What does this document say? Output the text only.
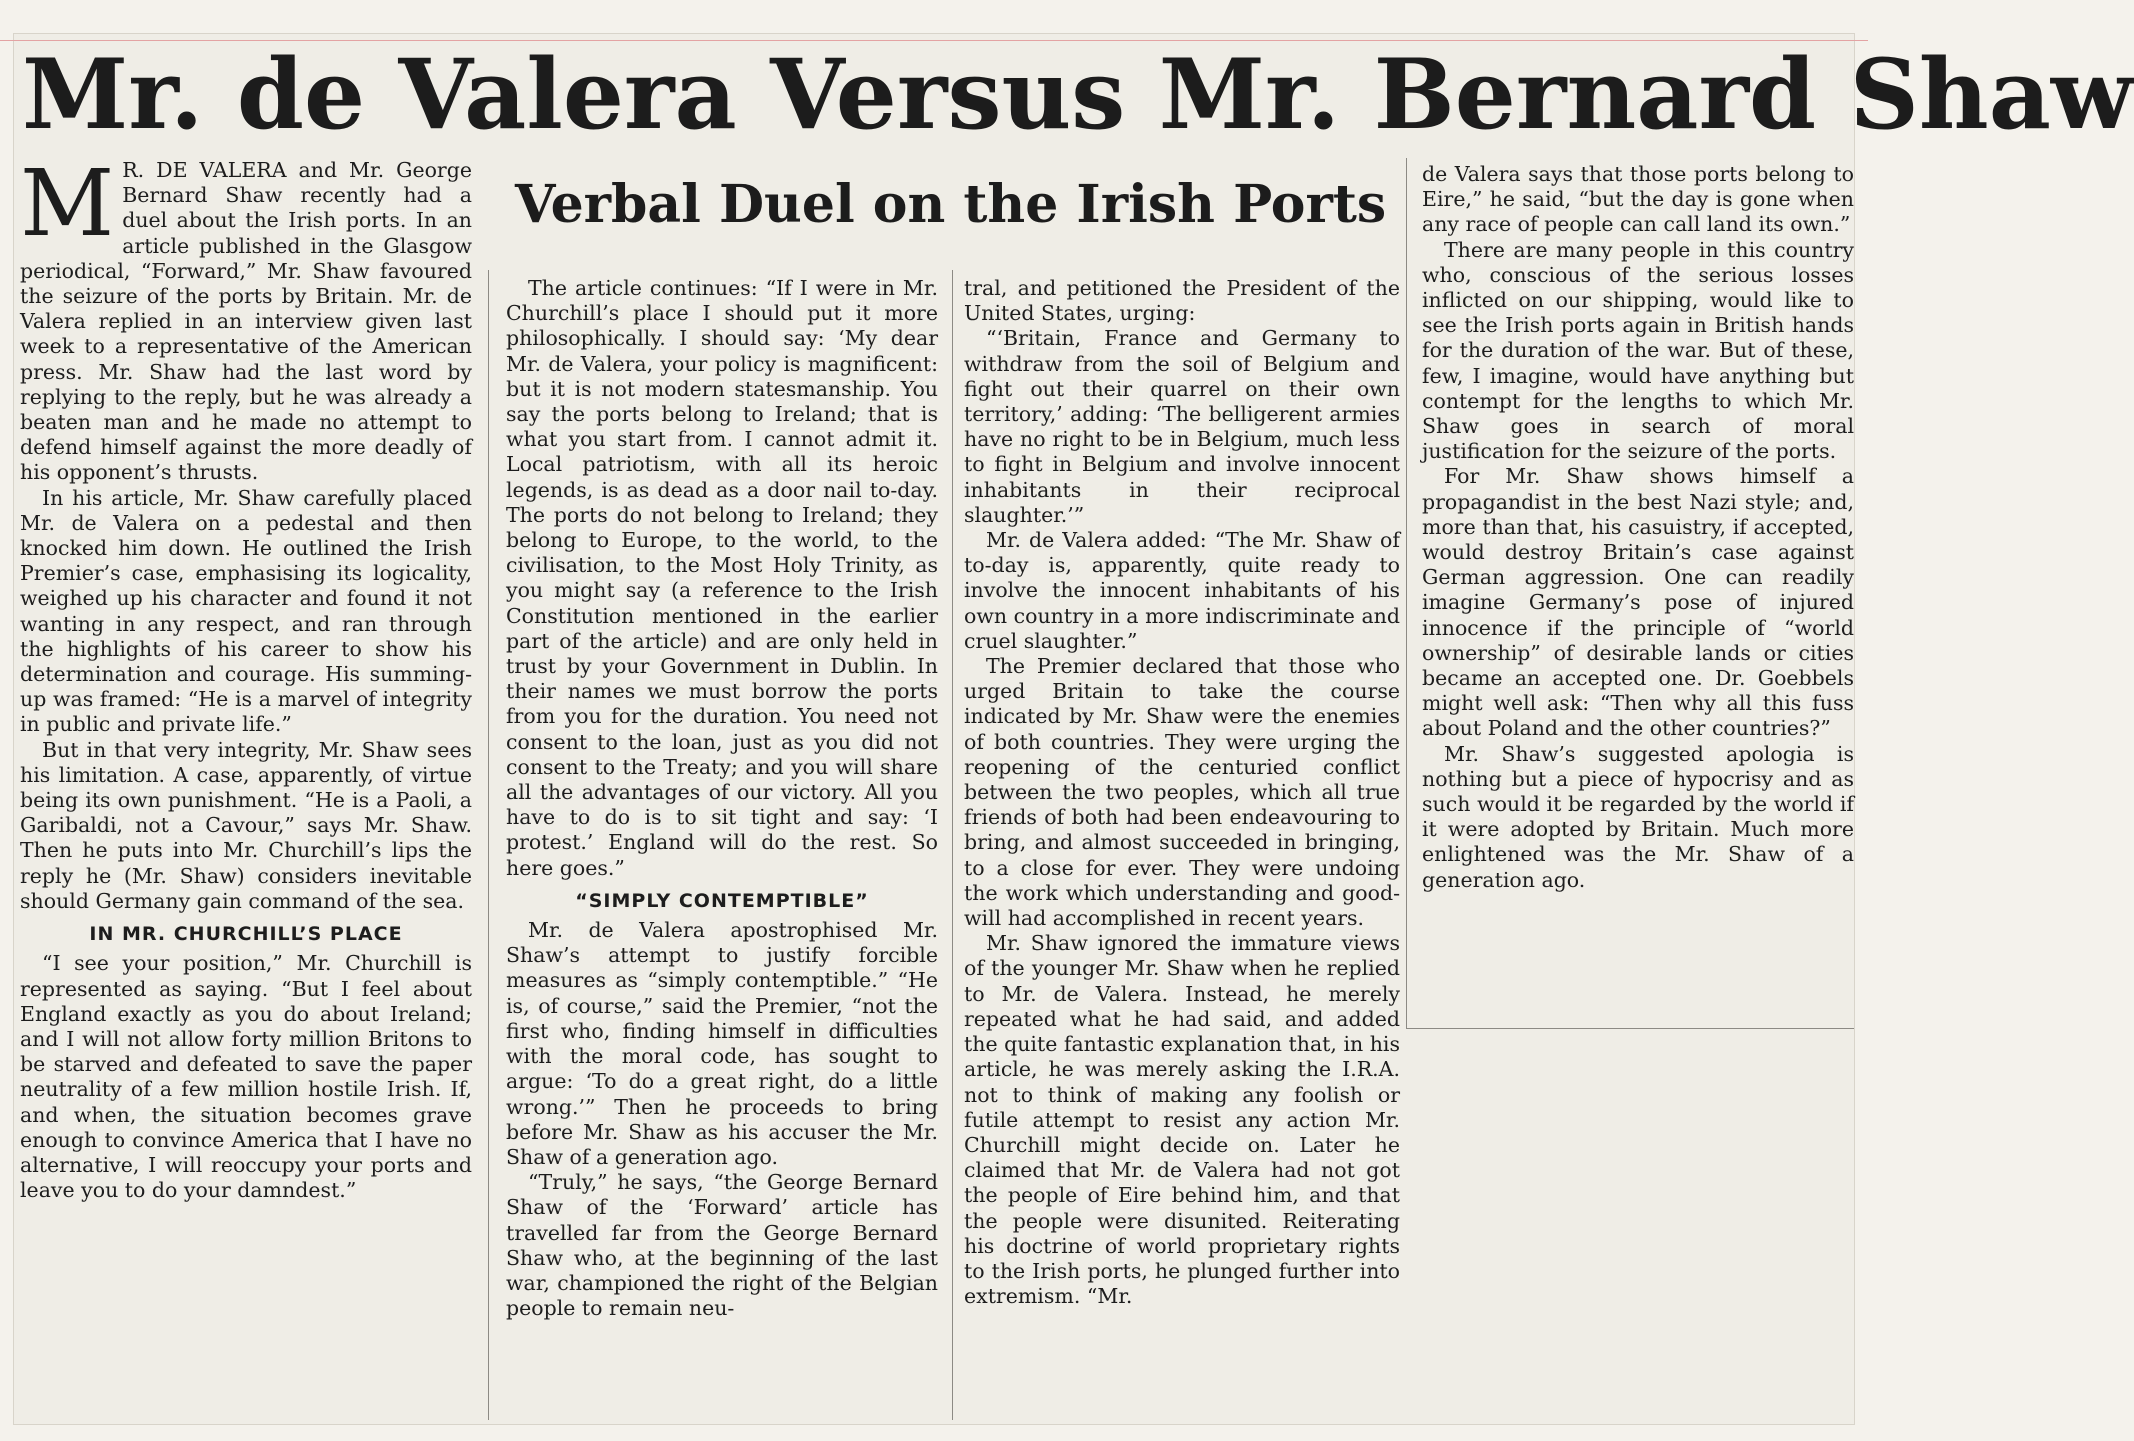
Mr. de Valera Versus Mr. Bernard Shaw
Verbal Duel on the Irish Ports
M R. DE VALERA and Mr. George Bernard Shaw recently had a duel about the Irish ports. In an article published in the Glasgow periodical, “Forward,” Mr. Shaw favoured the seizure of the ports by Britain. Mr. de Valera replied in an interview given last week to a representative of the American press. Mr. Shaw had the last word by replying to the reply, but he was already a beaten man and he made no attempt to defend himself against the more deadly of his opponent’s thrusts.

In his article, Mr. Shaw carefully placed Mr. de Valera on a pedestal and then knocked him down. He outlined the Irish Premier’s case, emphasising its logicality, weighed up his character and found it not wanting in any respect, and ran through the highlights of his career to show his determination and courage. His summing-up was framed: “He is a marvel of integrity in public and private life.”

But in that very integrity, Mr. Shaw sees his limitation. A case, apparently, of virtue being its own punishment. “He is a Paoli, a Garibaldi, not a Cavour,” says Mr. Shaw. Then he puts into Mr. Churchill’s lips the reply he (Mr. Shaw) considers inevitable should Germany gain command of the sea.

IN MR. CHURCHILL’S PLACE

“I see your position,” Mr. Churchill is represented as saying. “But I feel about England exactly as you do about Ireland; and I will not allow forty million Britons to be starved and defeated to save the paper neutrality of a few million hostile Irish. If, and when, the situation becomes grave enough to convince America that I have no alternative, I will reoccupy your ports and leave you to do your damndest.”

The article continues: “If I were in Mr. Churchill’s place I should put it more philosophically. I should say: ‘My dear Mr. de Valera, your policy is magnificent: but it is not modern statesmanship. You say the ports belong to Ireland; that is what you start from. I cannot admit it. Local patriotism, with all its heroic legends, is as dead as a door nail to-day. The ports do not belong to Ireland; they belong to Europe, to the world, to the civilisation, to the Most Holy Trinity, as you might say (a reference to the Irish Constitution mentioned in the earlier part of the article) and are only held in trust by your Government in Dublin. In their names we must borrow the ports from you for the duration. You need not consent to the loan, just as you did not consent to the Treaty; and you will share all the advantages of our victory. All you have to do is to sit tight and say: ‘I protest.’ England will do the rest. So here goes.”

“SIMPLY CONTEMPTIBLE”

Mr. de Valera apostrophised Mr. Shaw’s attempt to justify forcible measures as “simply contemptible.” “He is, of course,” said the Premier, “not the first who, finding himself in difficulties with the moral code, has sought to argue: ‘To do a great right, do a little wrong.’” Then he proceeds to bring before Mr. Shaw as his accuser the Mr. Shaw of a generation ago.

“Truly,” he says, “the George Bernard Shaw of the ‘Forward’ article has travelled far from the George Bernard Shaw who, at the beginning of the last war, championed the right of the Belgian people to remain neu-

tral, and petitioned the President of the United States, urging:

“‘Britain, France and Germany to withdraw from the soil of Belgium and fight out their quarrel on their own territory,’ adding: ‘The belligerent armies have no right to be in Belgium, much less to fight in Belgium and involve innocent inhabitants in their reciprocal slaughter.’”

Mr. de Valera added: “The Mr. Shaw of to-day is, apparently, quite ready to involve the innocent inhabitants of his own country in a more indiscriminate and cruel slaughter.”

The Premier declared that those who urged Britain to take the course indicated by Mr. Shaw were the enemies of both countries. They were urging the reopening of the centuried conflict between the two peoples, which all true friends of both had been endeavouring to bring, and almost succeeded in bringing, to a close for ever. They were undoing the work which understanding and good-will had accomplished in recent years.

Mr. Shaw ignored the immature views of the younger Mr. Shaw when he replied to Mr. de Valera. Instead, he merely repeated what he had said, and added the quite fantastic explanation that, in his article, he was merely asking the I.R.A. not to think of making any foolish or futile attempt to resist any action Mr. Churchill might decide on. Later he claimed that Mr. de Valera had not got the people of Eire behind him, and that the people were disunited. Reiterating his doctrine of world proprietary rights to the Irish ports, he plunged further into extremism. “Mr.

de Valera says that those ports belong to Eire,” he said, “but the day is gone when any race of people can call land its own.”

There are many people in this country who, conscious of the serious losses inflicted on our shipping, would like to see the Irish ports again in British hands for the duration of the war. But of these, few, I imagine, would have anything but contempt for the lengths to which Mr. Shaw goes in search of moral justification for the seizure of the ports.

For Mr. Shaw shows himself a propagandist in the best Nazi style; and, more than that, his casuistry, if accepted, would destroy Britain’s case against German aggression. One can readily imagine Germany’s pose of injured innocence if the principle of “world ownership” of desirable lands or cities became an accepted one. Dr. Goebbels might well ask: “Then why all this fuss about Poland and the other countries?”

Mr. Shaw’s suggested apologia is nothing but a piece of hypocrisy and as such would it be regarded by the world if it were adopted by Britain. Much more enlightened was the Mr. Shaw of a generation ago.
